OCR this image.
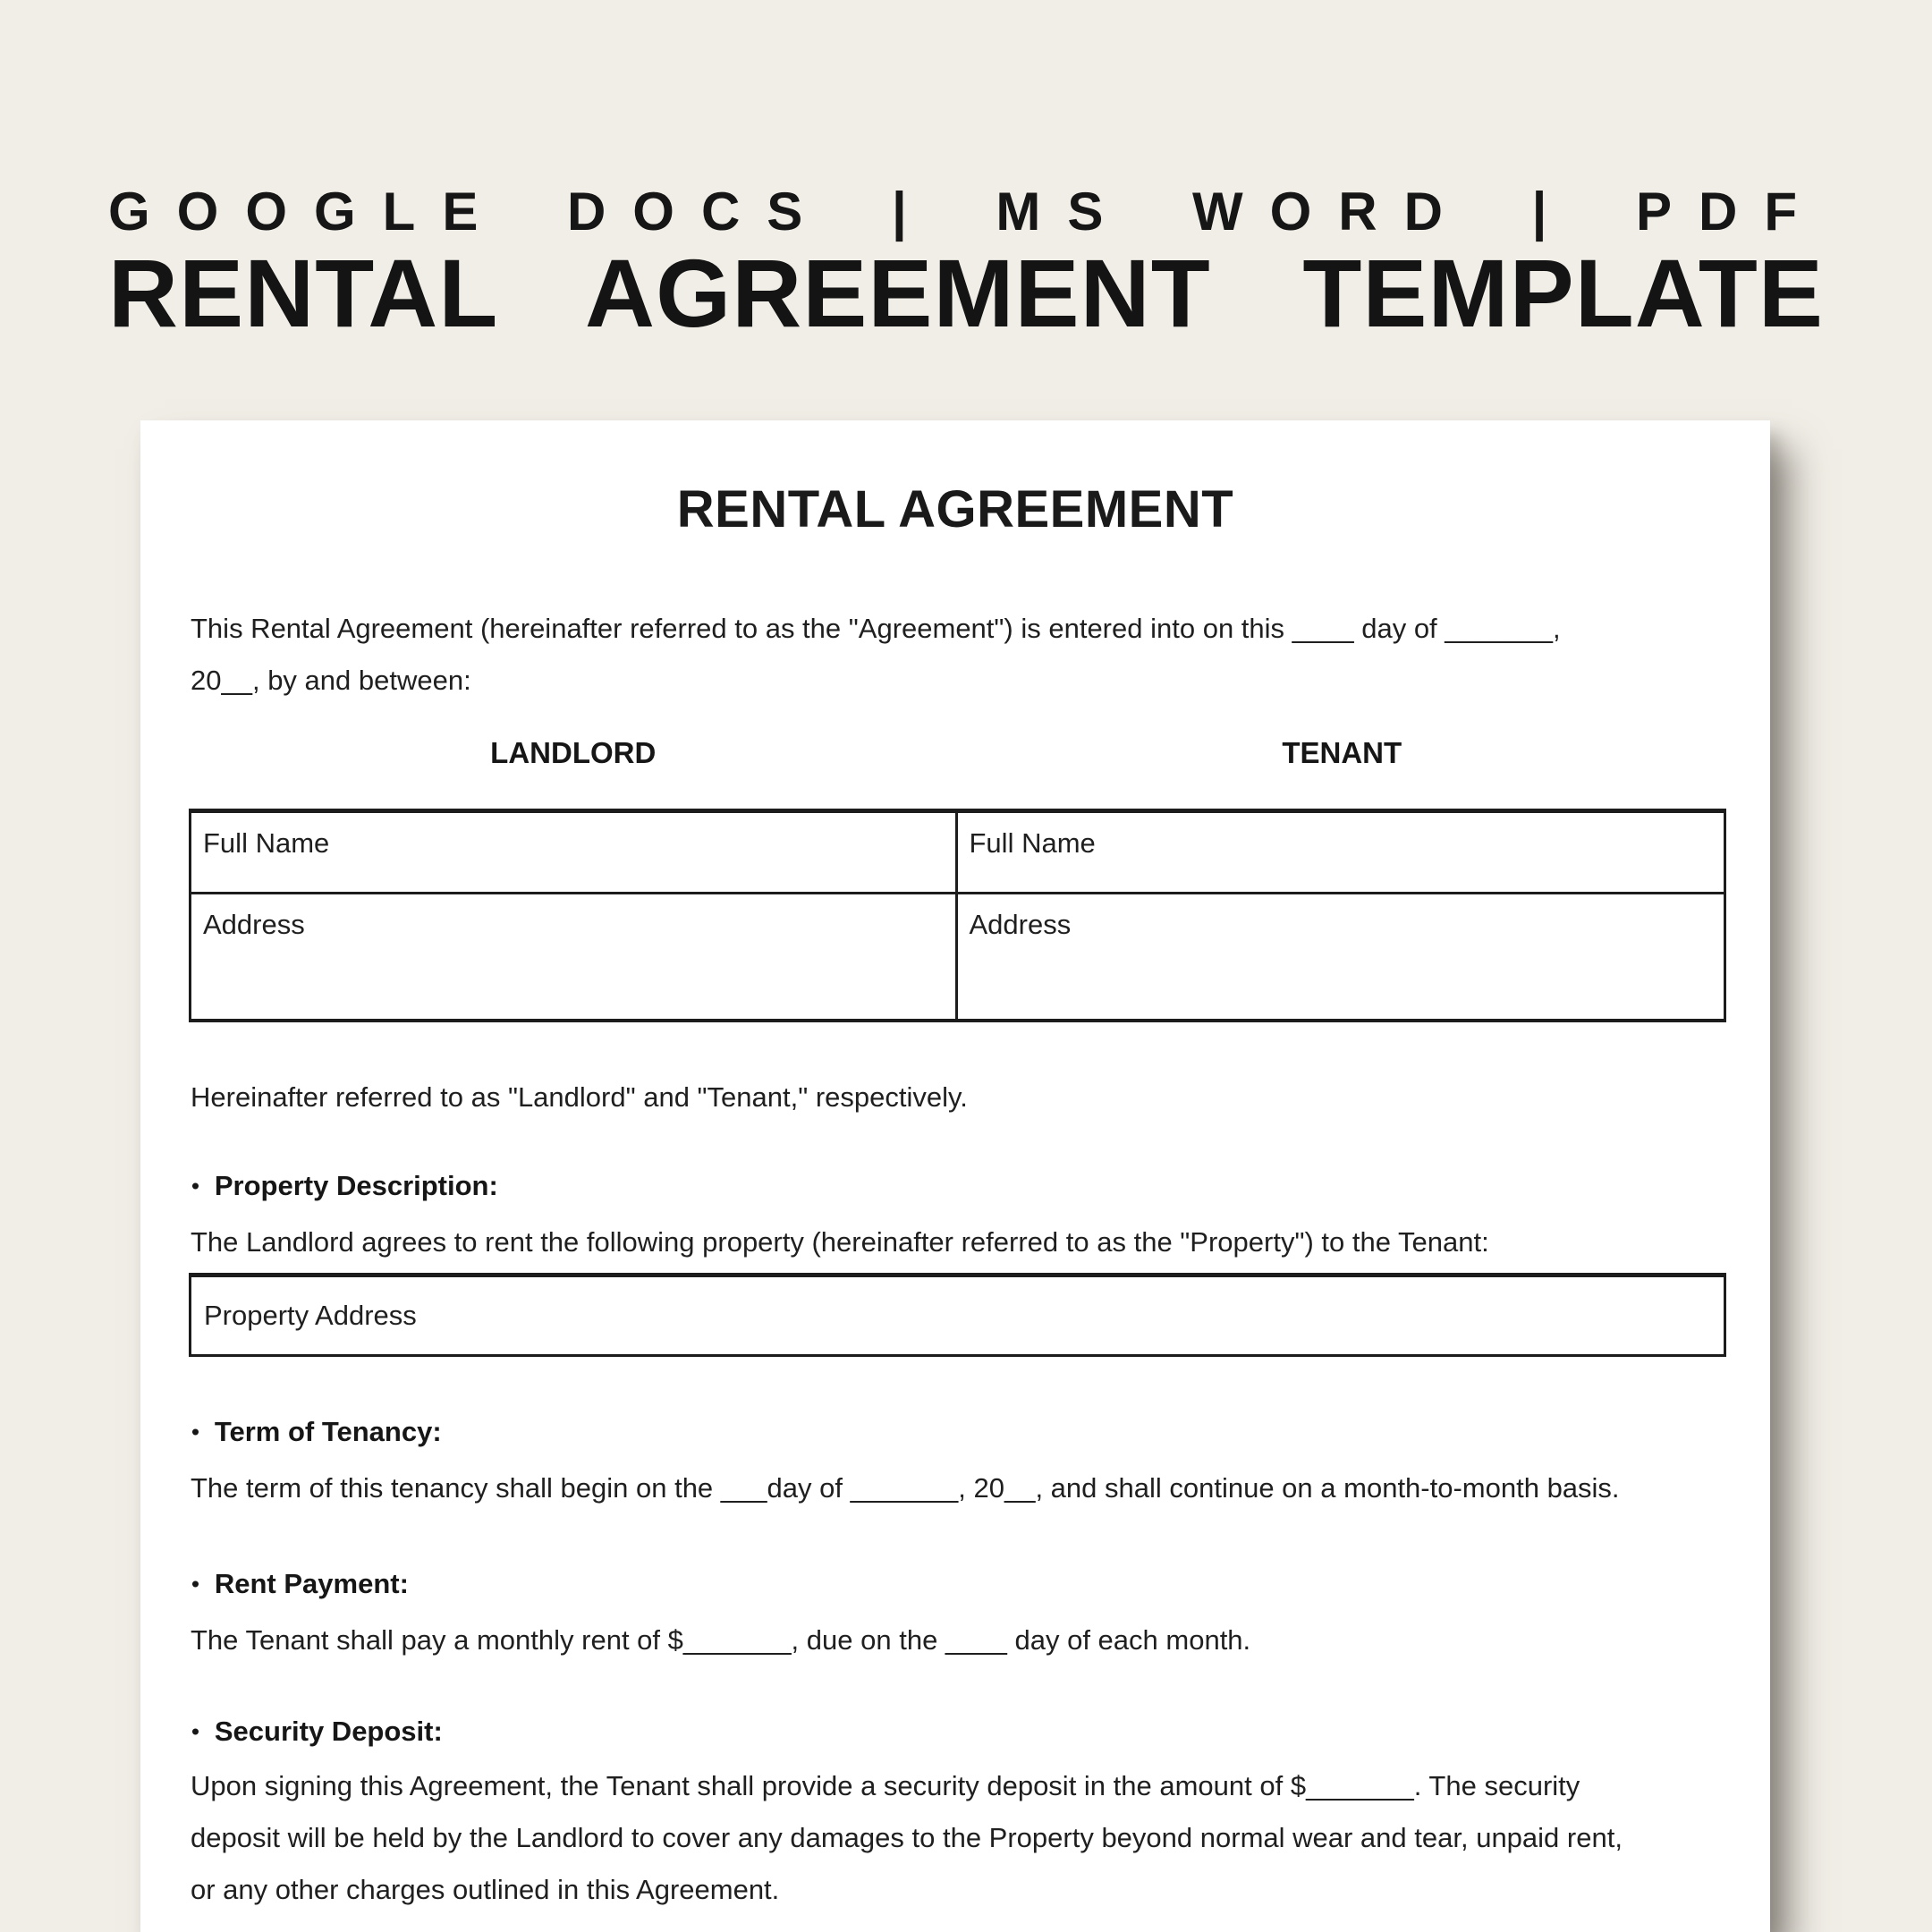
GOOGLE DOCS | MS WORD | PDF
RENTAL AGREEMENT TEMPLATE
RENTAL AGREEMENT
This Rental Agreement (hereinafter referred to as the "Agreement") is entered into on this ____ day of _______,
20__, by and between:
LANDLORD	TENANT
Full Name	Full Name
Address	Address
Hereinafter referred to as "Landlord" and "Tenant," respectively.
• Property Description:
The Landlord agrees to rent the following property (hereinafter referred to as the "Property") to the Tenant:
Property Address
• Term of Tenancy:
The term of this tenancy shall begin on the ___day of _______, 20__, and shall continue on a month-to-month basis.
• Rent Payment:
The Tenant shall pay a monthly rent of $_______, due on the ____ day of each month.
• Security Deposit:
Upon signing this Agreement, the Tenant shall provide a security deposit in the amount of $_______. The security
deposit will be held by the Landlord to cover any damages to the Property beyond normal wear and tear, unpaid rent,
or any other charges outlined in this Agreement.
